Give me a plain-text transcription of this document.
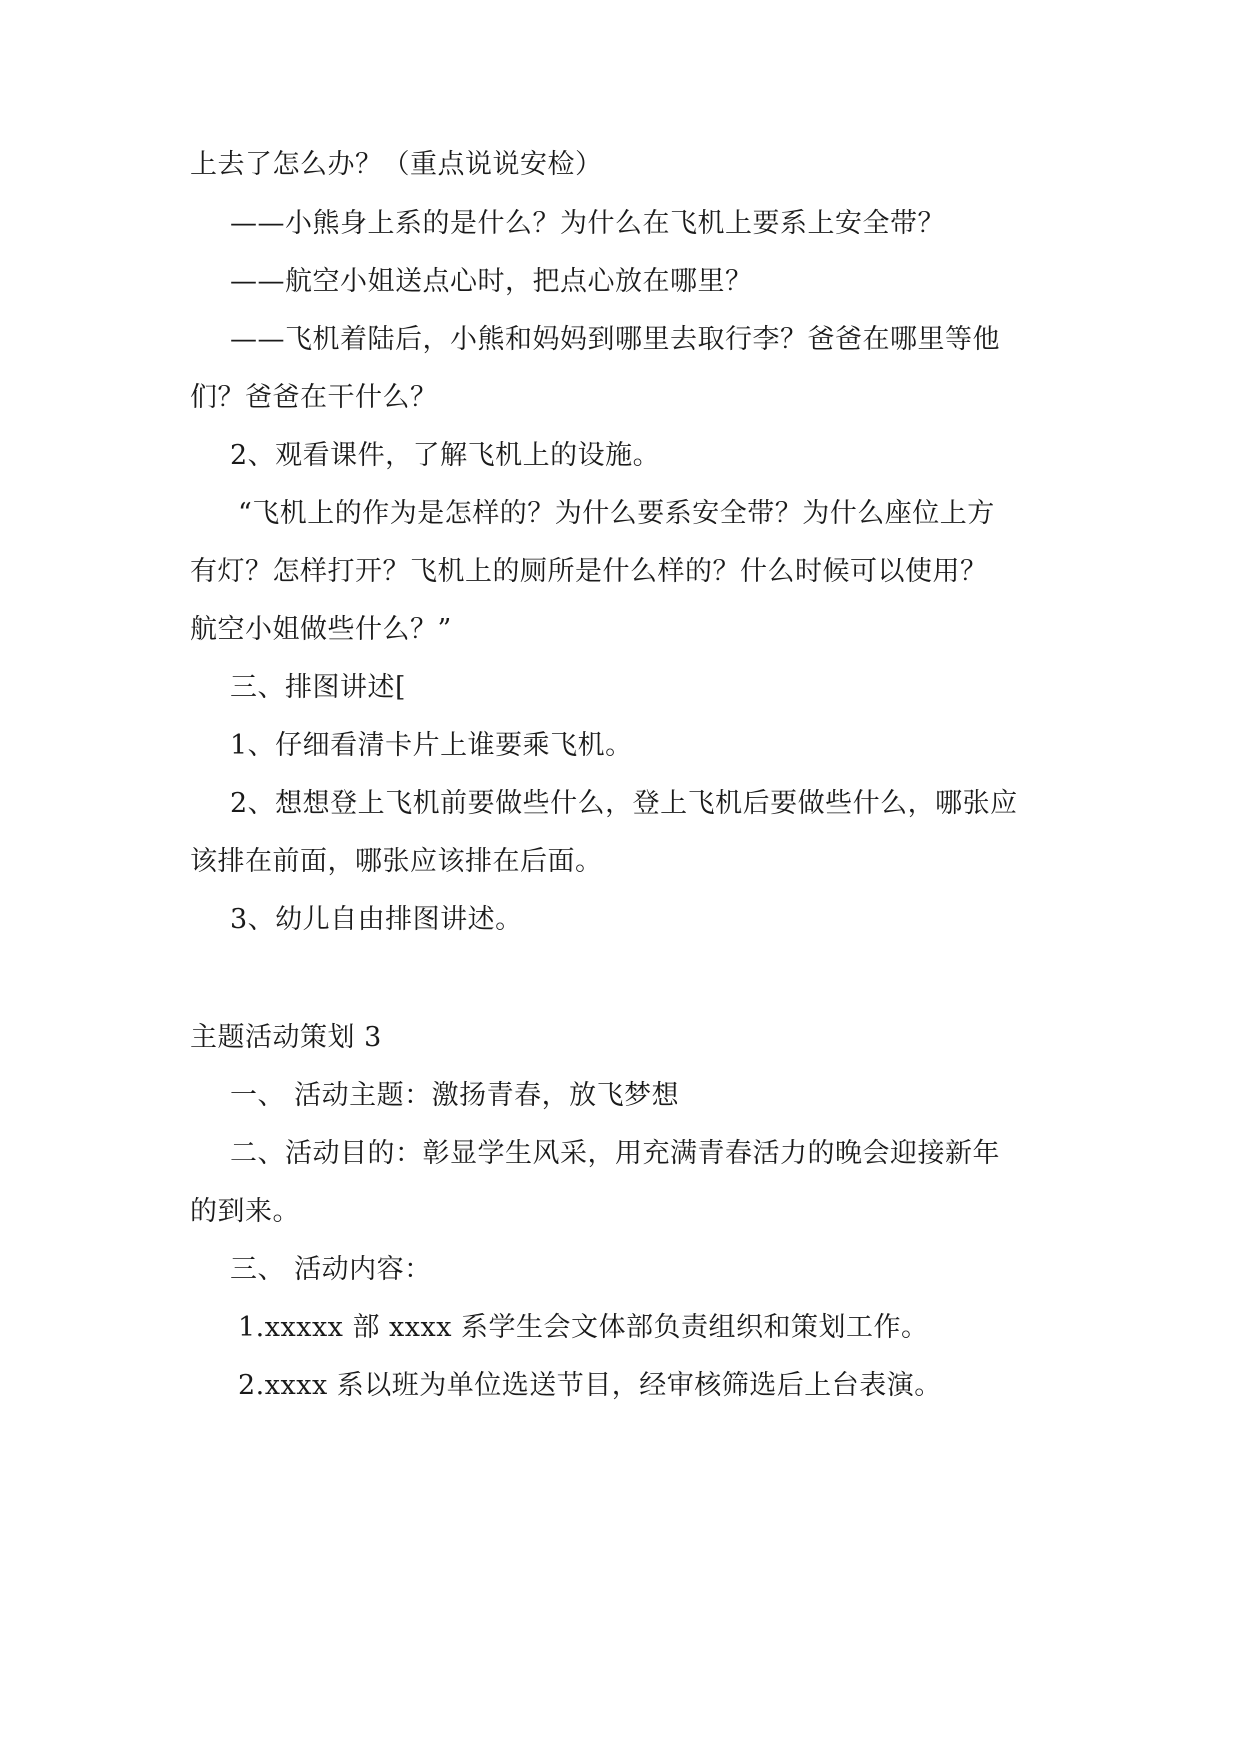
上去了怎么办？（重点说说安检）
——小熊身上系的是什么？为什么在飞机上要系上安全带？
——航空小姐送点心时，把点心放在哪里？
——飞机着陆后，小熊和妈妈到哪里去取行李？爸爸在哪里等他
们？爸爸在干什么？
2、观看课件，了解飞机上的设施。
“飞机上的作为是怎样的？为什么要系安全带？为什么座位上方
有灯？怎样打开？飞机上的厕所是什么样的？什么时候可以使用？
航空小姐做些什么？”
三、排图讲述[
1、仔细看清卡片上谁要乘飞机。
2、想想登上飞机前要做些什么，登上飞机后要做些什么，哪张应
该排在前面，哪张应该排在后面。
3、幼儿自由排图讲述。
主题活动策划 3
一、 活动主题：激扬青春，放飞梦想
二、活动目的：彰显学生风采，用充满青春活力的晚会迎接新年
的到来。
三、 活动内容：
1.xxxxx 部 xxxx 系学生会文体部负责组织和策划工作。
2.xxxx 系以班为单位选送节目，经审核筛选后上台表演。
